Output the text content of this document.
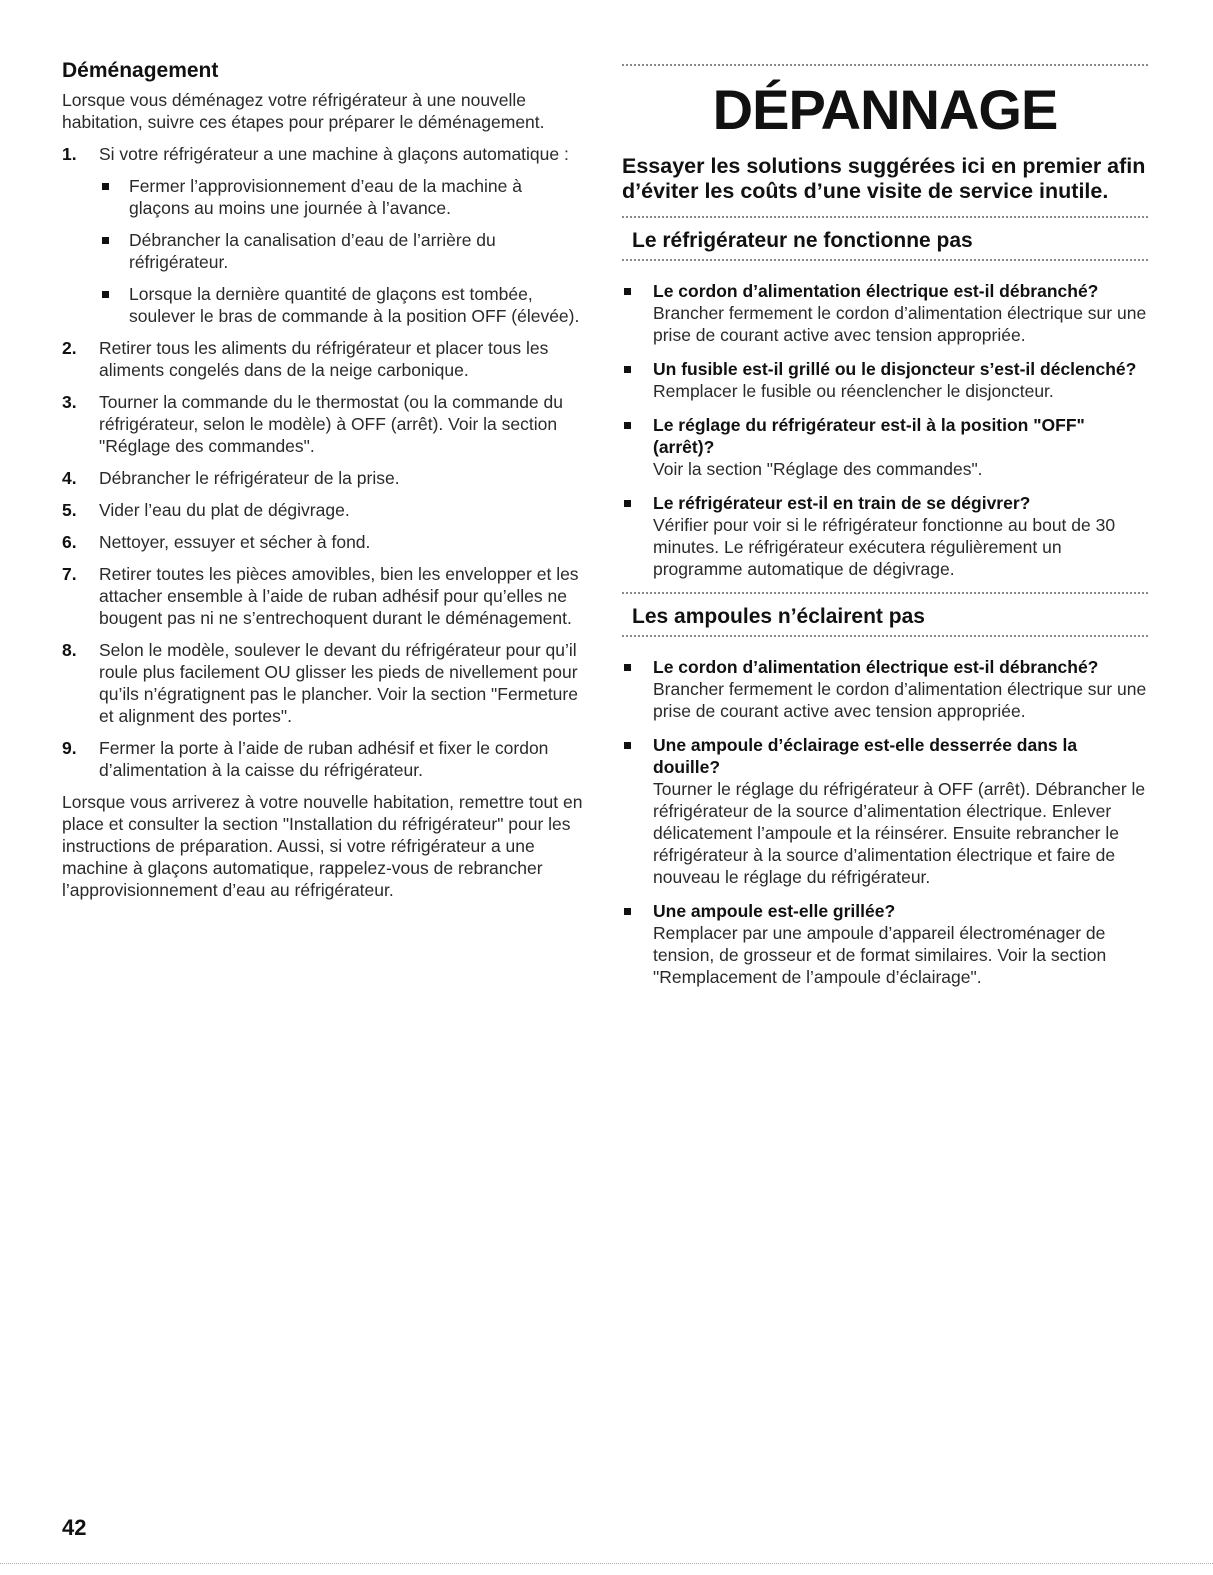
Déménagement

Lorsque vous déménagez votre réfrigérateur à une nouvelle habitation, suivre ces étapes pour préparer le déménagement.

1. Si votre réfrigérateur a une machine à glaçons automatique :
Fermer l’approvisionnement d’eau de la machine à glaçons au moins une journée à l’avance.
Débrancher la canalisation d’eau de l’arrière du réfrigérateur.
Lorsque la dernière quantité de glaçons est tombée, soulever le bras de commande à la position OFF (élevée).
2. Retirer tous les aliments du réfrigérateur et placer tous les aliments congelés dans de la neige carbonique.
3. Tourner la commande du le thermostat (ou la commande du réfrigérateur, selon le modèle) à OFF (arrêt). Voir la section "Réglage des commandes".
4. Débrancher le réfrigérateur de la prise.
5. Vider l’eau du plat de dégivrage.
6. Nettoyer, essuyer et sécher à fond.
7. Retirer toutes les pièces amovibles, bien les envelopper et les attacher ensemble à l’aide de ruban adhésif pour qu’elles ne bougent pas ni ne s’entrechoquent durant le déménagement.
8. Selon le modèle, soulever le devant du réfrigérateur pour qu’il roule plus facilement OU glisser les pieds de nivellement pour qu’ils n’égratignent pas le plancher. Voir la section "Fermeture et alignment des portes".
9. Fermer la porte à l’aide de ruban adhésif et fixer le cordon d’alimentation à la caisse du réfrigérateur.

Lorsque vous arriverez à votre nouvelle habitation, remettre tout en place et consulter la section "Installation du réfrigérateur" pour les instructions de préparation. Aussi, si votre réfrigérateur a une machine à glaçons automatique, rappelez-vous de rebrancher l’approvisionnement d’eau au réfrigérateur.

DÉPANNAGE
Essayer les solutions suggérées ici en premier afin d’éviter les coûts d’une visite de service inutile.
Le réfrigérateur ne fonctionne pas
Le cordon d’alimentation électrique est-il débranché?
Brancher fermement le cordon d’alimentation électrique sur une prise de courant active avec tension appropriée.
Un fusible est-il grillé ou le disjoncteur s’est-il déclenché?
Remplacer le fusible ou réenclencher le disjoncteur.
Le réglage du réfrigérateur est-il à la position "OFF" (arrêt)?
Voir la section "Réglage des commandes".
Le réfrigérateur est-il en train de se dégivrer?
Vérifier pour voir si le réfrigérateur fonctionne au bout de 30 minutes. Le réfrigérateur exécutera régulièrement un programme automatique de dégivrage.
Les ampoules n’éclairent pas
Le cordon d’alimentation électrique est-il débranché?
Brancher fermement le cordon d’alimentation électrique sur une prise de courant active avec tension appropriée.
Une ampoule d’éclairage est-elle desserrée dans la douille?
Tourner le réglage du réfrigérateur à OFF (arrêt). Débrancher le réfrigérateur de la source d’alimentation électrique. Enlever délicatement l’ampoule et la réinsérer. Ensuite rebrancher le réfrigérateur à la source d’alimentation électrique et faire de nouveau le réglage du réfrigérateur.
Une ampoule est-elle grillée?
Remplacer par une ampoule d’appareil électroménager de tension, de grosseur et de format similaires. Voir la section "Remplacement de l’ampoule d’éclairage".
42
